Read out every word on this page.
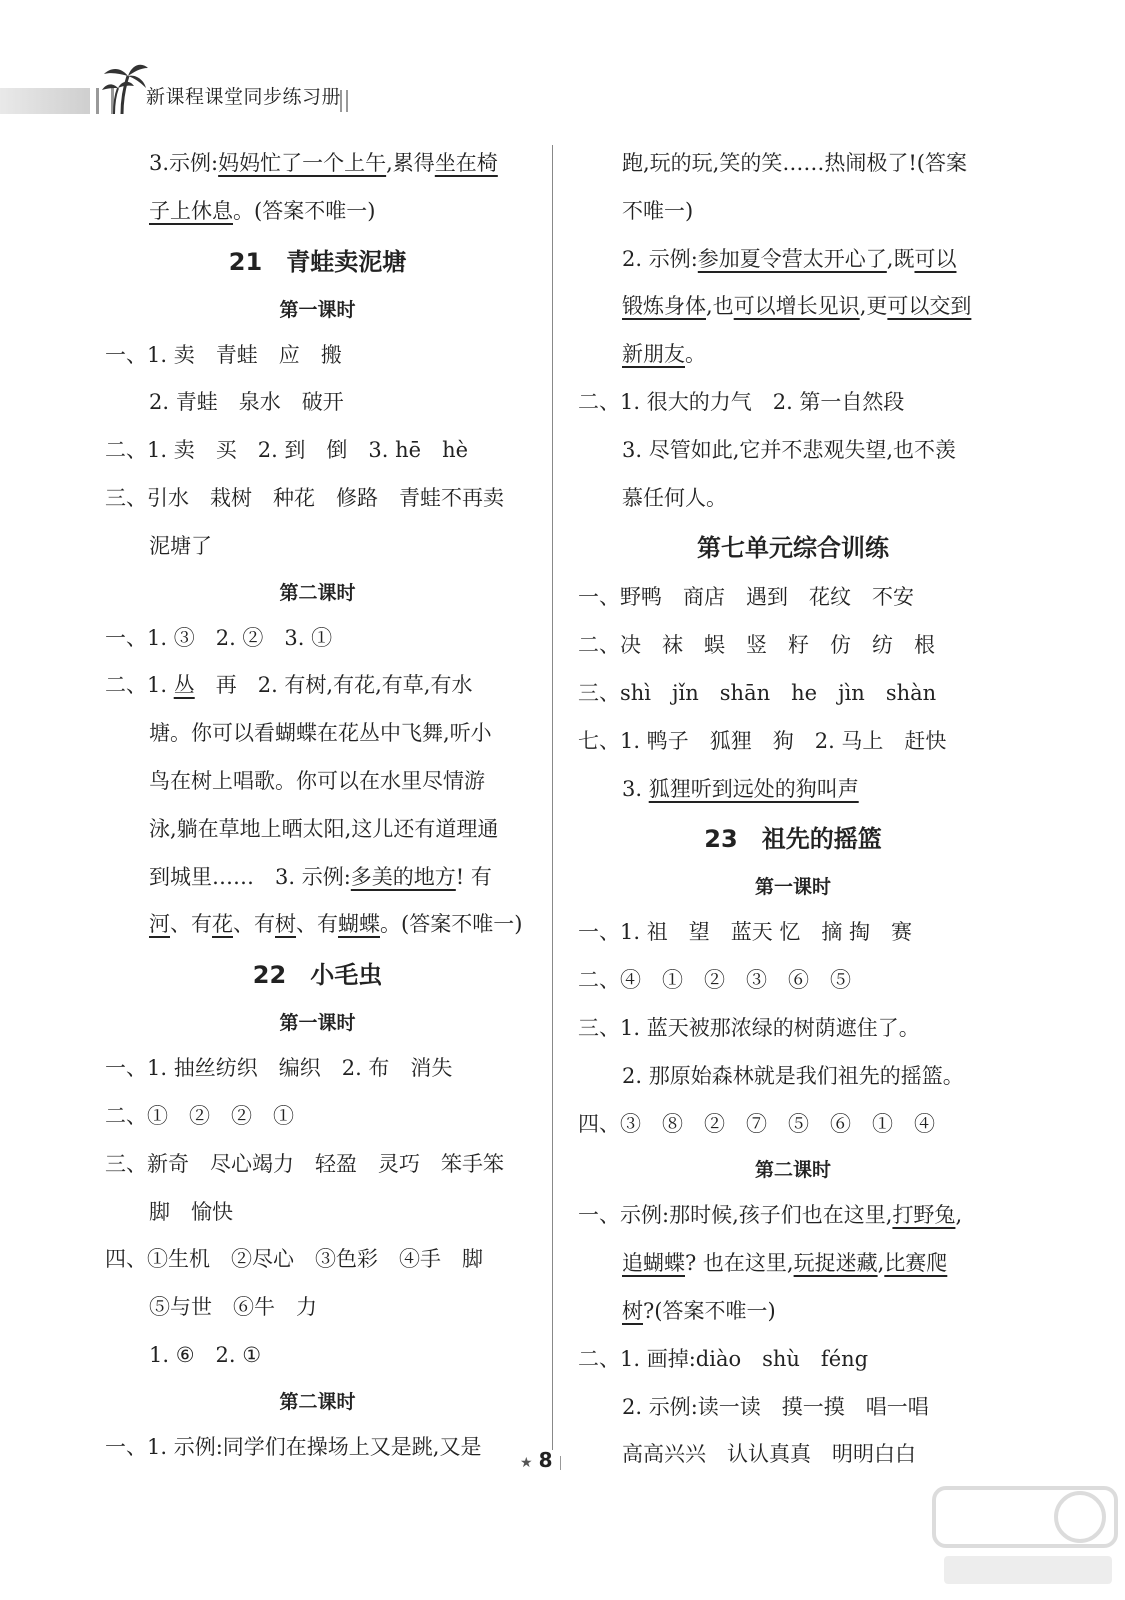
新课程课堂同步练习册
3.示例:妈妈忙了一个上午,累得坐在椅
子上休息。(答案不唯一)
21　青蛙卖泥塘
第一课时
一、1. 卖　青蛙　应　搬
2. 青蛙　泉水　破开
二、1. 卖　买　2. 到　倒　3. hē　hè
三、引水　栽树　种花　修路　青蛙不再卖
泥塘了
第二课时
一、1. ③　2. ②　3. ①
二、1. 丛　再　2. 有树,有花,有草,有水
塘。你可以看蝴蝶在花丛中飞舞,听小
鸟在树上唱歌。你可以在水里尽情游
泳,躺在草地上晒太阳,这儿还有道理通
到城里……　3. 示例:多美的地方! 有
河、有花、有树、有蝴蝶。(答案不唯一)
22　小毛虫
第一课时
一、1. 抽丝纺织　编织　2. 布　消失
二、①　②　②　①
三、新奇　尽心竭力　轻盈　灵巧　笨手笨
脚　愉快
四、①生机　②尽心　③色彩　④手　脚
⑤与世　⑥牛　力
1. ⑥　2. ①
第二课时
一、1. 示例:同学们在操场上又是跳,又是
跑,玩的玩,笑的笑……热闹极了!(答案
不唯一)
2. 示例:参加夏令营太开心了,既可以
锻炼身体,也可以增长见识,更可以交到
新朋友。
二、1. 很大的力气　2. 第一自然段
3. 尽管如此,它并不悲观失望,也不羡
慕任何人。
第七单元综合训练
一、野鸭　商店　遇到　花纹　不安
二、决　袜　蜈　竖　籽　仿　纺　根
三、shì　jǐn　shān　he　jìn　shàn
七、1. 鸭子　狐狸　狗　2. 马上　赶快
3. 狐狸听到远处的狗叫声
23　祖先的摇篮
第一课时
一、1. 祖　望　蓝天 忆　摘 掏　赛
二、④　①　②　③　⑥　⑤
三、1. 蓝天被那浓绿的树荫遮住了。
2. 那原始森林就是我们祖先的摇篮。
四、③　⑧　②　⑦　⑤　⑥　①　④
第二课时
一、示例:那时候,孩子们也在这里,打野兔,
追蝴蝶? 也在这里,玩捉迷藏,比赛爬
树?(答案不唯一)
二、1. 画掉:diào　shù　féng
2. 示例:读一读　摸一摸　唱一唱
高高兴兴　认认真真　明明白白
★ 8
